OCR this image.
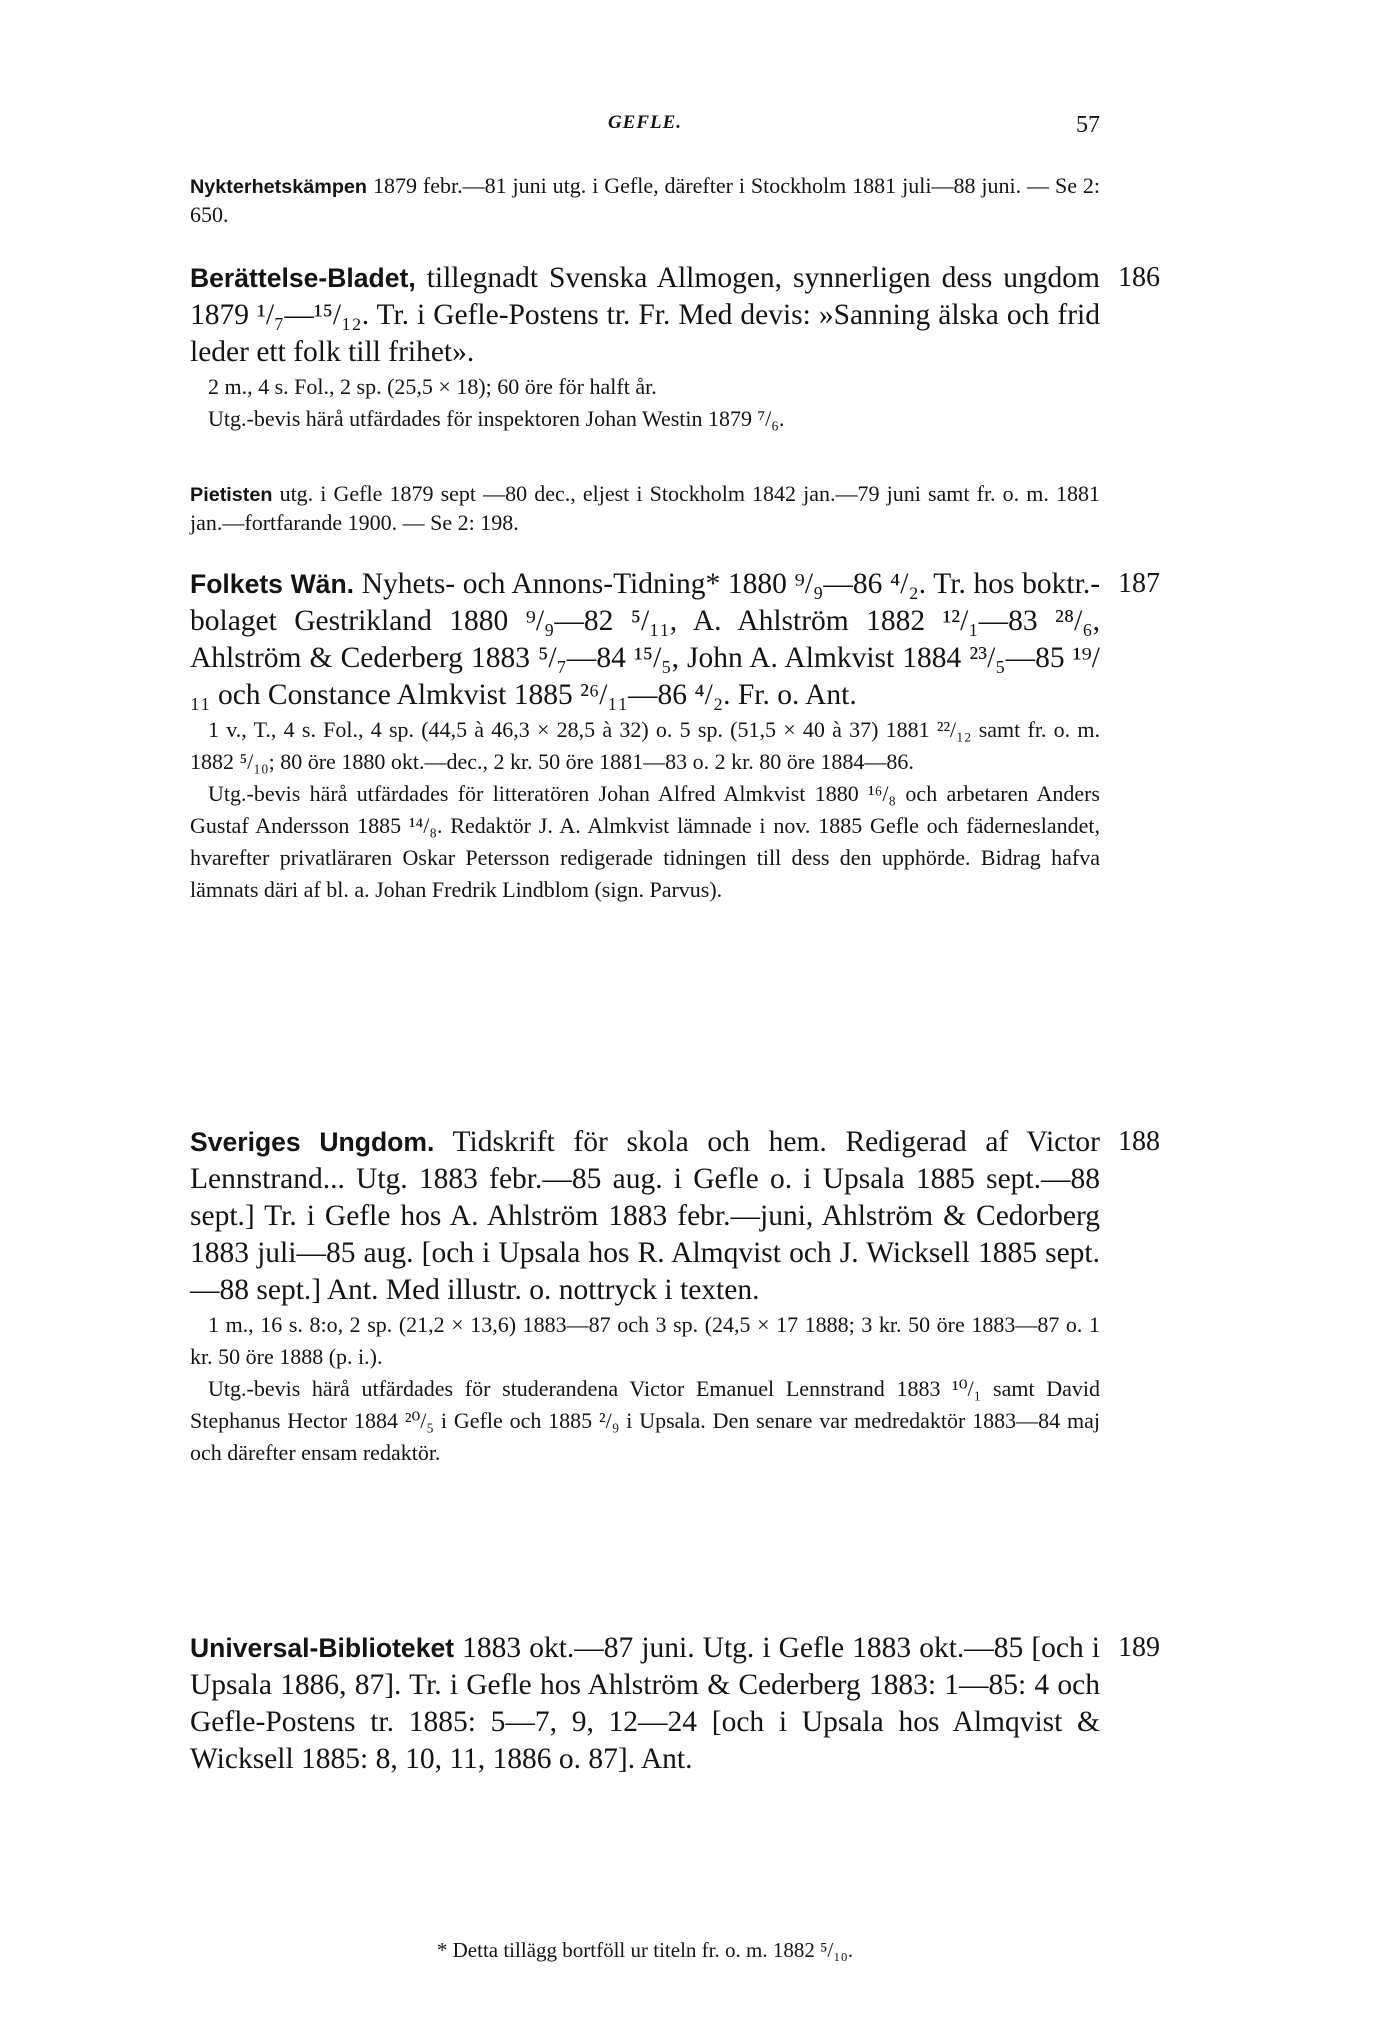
GEFLE.	57

Nykterhetskämpen 1879 febr.—81 juni utg. i Gefle, därefter i Stockholm 1881 juli—88 juni. — Se 2: 650.

186

Berättelse-Bladet, tillegnadt Svenska Allmogen, synnerligen dess ungdom 1879 ¹/₇—¹⁵/₁₂. Tr. i Gefle-Postens tr. Fr. Med devis: »Sanning älska och frid leder ett folk till frihet».

2 m., 4 s. Fol., 2 sp. (25,5 × 18); 60 öre för halft år.

Utg.-bevis härå utfärdades för inspektoren Johan Westin 1879 ⁷/₆.

Pietisten utg. i Gefle 1879 sept —80 dec., eljest i Stockholm 1842 jan.—79 juni samt fr. o. m. 1881 jan.—fortfarande 1900. — Se 2: 198.

187

Folkets Wän. Nyhets- och Annons-Tidning* 1880 ⁹/₉—86 ⁴/₂. Tr. hos boktr.-bolaget Gestrikland 1880 ⁹/₉—82 ⁵/₁₁, A. Ahlström 1882 ¹²/₁—83 ²⁸/₆, Ahlström & Cederberg 1883 ⁵/₇—84 ¹⁵/₅, John A. Almkvist 1884 ²³/₅—85 ¹⁹/₁₁ och Constance Almkvist 1885 ²⁶/₁₁—86 ⁴/₂. Fr. o. Ant.

1 v., T., 4 s. Fol., 4 sp. (44,5 à 46,3 × 28,5 à 32) o. 5 sp. (51,5 × 40 à 37) 1881 ²²/₁₂ samt fr. o. m. 1882 ⁵/₁₀; 80 öre 1880 okt.—dec., 2 kr. 50 öre 1881—83 o. 2 kr. 80 öre 1884—86.

Utg.-bevis härå utfärdades för litteratören Johan Alfred Almkvist 1880 ¹⁶/₈ och arbetaren Anders Gustaf Andersson 1885 ¹⁴/₈. Redaktör J. A. Almkvist lämnade i nov. 1885 Gefle och fäderneslandet, hvarefter privatläraren Oskar Petersson redigerade tidningen till dess den upphörde. Bidrag hafva lämnats däri af bl. a. Johan Fredrik Lindblom (sign. Parvus).

188

Sveriges Ungdom. Tidskrift för skola och hem. Redigerad af Victor Lennstrand... Utg. 1883 febr.—85 aug. i Gefle o. i Upsala 1885 sept.—88 sept.] Tr. i Gefle hos A. Ahlström 1883 febr.—juni, Ahlström & Cedorberg 1883 juli—85 aug. [och i Upsala hos R. Almqvist och J. Wicksell 1885 sept.—88 sept.] Ant. Med illustr. o. nottryck i texten.

1 m., 16 s. 8:o, 2 sp. (21,2 × 13,6) 1883—87 och 3 sp. (24,5 × 17 1888; 3 kr. 50 öre 1883—87 o. 1 kr. 50 öre 1888 (p. i.).

Utg.-bevis härå utfärdades för studerandena Victor Emanuel Lennstrand 1883 ¹⁰/₁ samt David Stephanus Hector 1884 ²⁰/₅ i Gefle och 1885 ²/₉ i Upsala. Den senare var medredaktör 1883—84 maj och därefter ensam redaktör.

189

Universal-Biblioteket 1883 okt.—87 juni. Utg. i Gefle 1883 okt.—85 [och i Upsala 1886, 87]. Tr. i Gefle hos Ahlström & Cederberg 1883: 1—85: 4 och Gefle-Postens tr. 1885: 5—7, 9, 12—24 [och i Upsala hos Almqvist & Wicksell 1885: 8, 10, 11, 1886 o. 87]. Ant.

* Detta tillägg bortföll ur titeln fr. o. m. 1882 ⁵/₁₀.
